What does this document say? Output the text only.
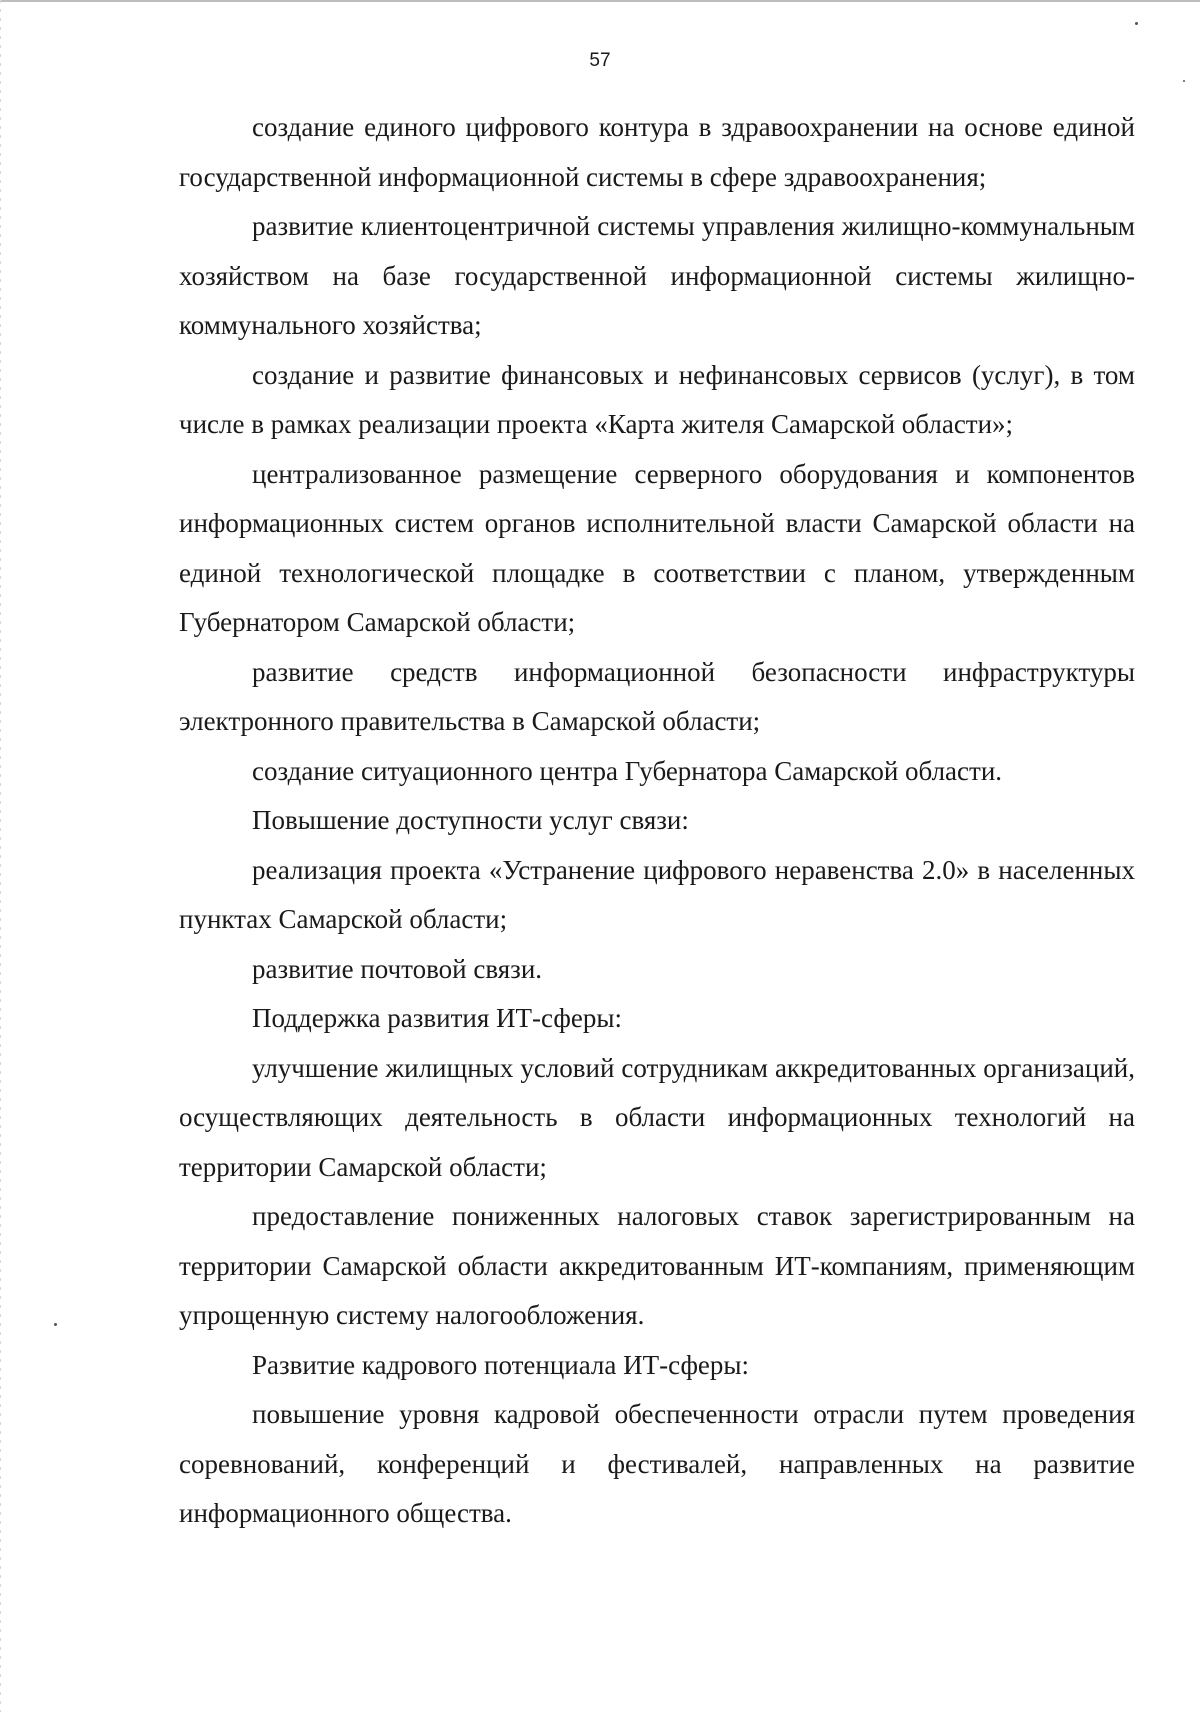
57

создание единого цифрового контура в здравоохранении на основе единой государственной информационной системы в сфере здравоохранения;

развитие клиентоцентричной системы управления жилищно-коммунальным хозяйством на базе государственной информационной системы жилищно-коммунального хозяйства;

создание и развитие финансовых и нефинансовых сервисов (услуг), в том числе в рамках реализации проекта «Карта жителя Самарской области»;

централизованное размещение серверного оборудования и компонентов информационных систем органов исполнительной власти Самарской области на единой технологической площадке в соответствии с планом, утвержденным Губернатором Самарской области;

развитие средств информационной безопасности инфраструктуры электронного правительства в Самарской области;

создание ситуационного центра Губернатора Самарской области.

Повышение доступности услуг связи:

реализация проекта «Устранение цифрового неравенства 2.0» в населенных пунктах Самарской области;

развитие почтовой связи.

Поддержка развития ИТ-сферы:

улучшение жилищных условий сотрудникам аккредитованных организаций, осуществляющих деятельность в области информационных технологий на территории Самарской области;

предоставление пониженных налоговых ставок зарегистрированным на территории Самарской области аккредитованным ИТ-компаниям, применяющим упрощенную систему налогообложения.

Развитие кадрового потенциала ИТ-сферы:

повышение уровня кадровой обеспеченности отрасли путем проведения соревнований, конференций и фестивалей, направленных на развитие информационного общества.
